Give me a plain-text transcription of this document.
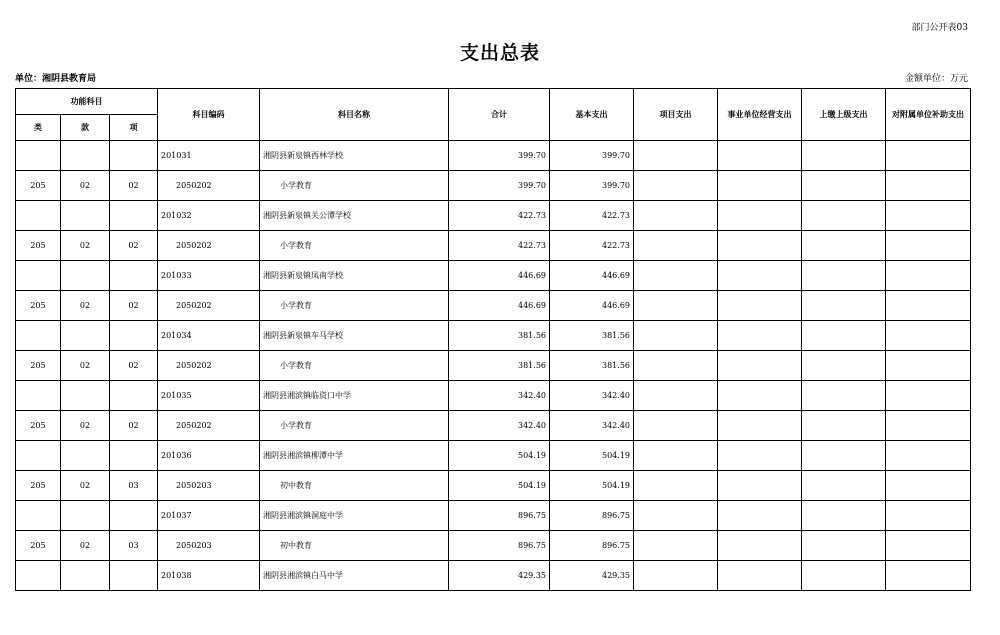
部门公开表03
支出总表
单位：湘阴县教育局	金额单位：万元
功能科目			科目编码	科目名称	合计	基本支出	项目支出	事业单位经营支出	上缴上级支出	对附属单位补助支出
类	款	项								
			201031	湘阴县新泉镇西林学校	399.70	399.70				
205	02	02	2050202	小学教育	399.70	399.70				
			201032	湘阴县新泉镇关公潭学校	422.73	422.73				
205	02	02	2050202	小学教育	422.73	422.73				
			201033	湘阴县新泉镇凤南学校	446.69	446.69				
205	02	02	2050202	小学教育	446.69	446.69				
			201034	湘阴县新泉镇车马学校	381.56	381.56				
205	02	02	2050202	小学教育	381.56	381.56				
			201035	湘阴县湘滨镇临资口中学	342.40	342.40				
205	02	02	2050202	小学教育	342.40	342.40				
			201036	湘阴县湘滨镇柳潭中学	504.19	504.19				
205	02	03	2050203	初中教育	504.19	504.19				
			201037	湘阴县湘滨镇洞庭中学	896.75	896.75				
205	02	03	2050203	初中教育	896.75	896.75				
			201038	湘阴县湘滨镇白马中学	429.35	429.35				
